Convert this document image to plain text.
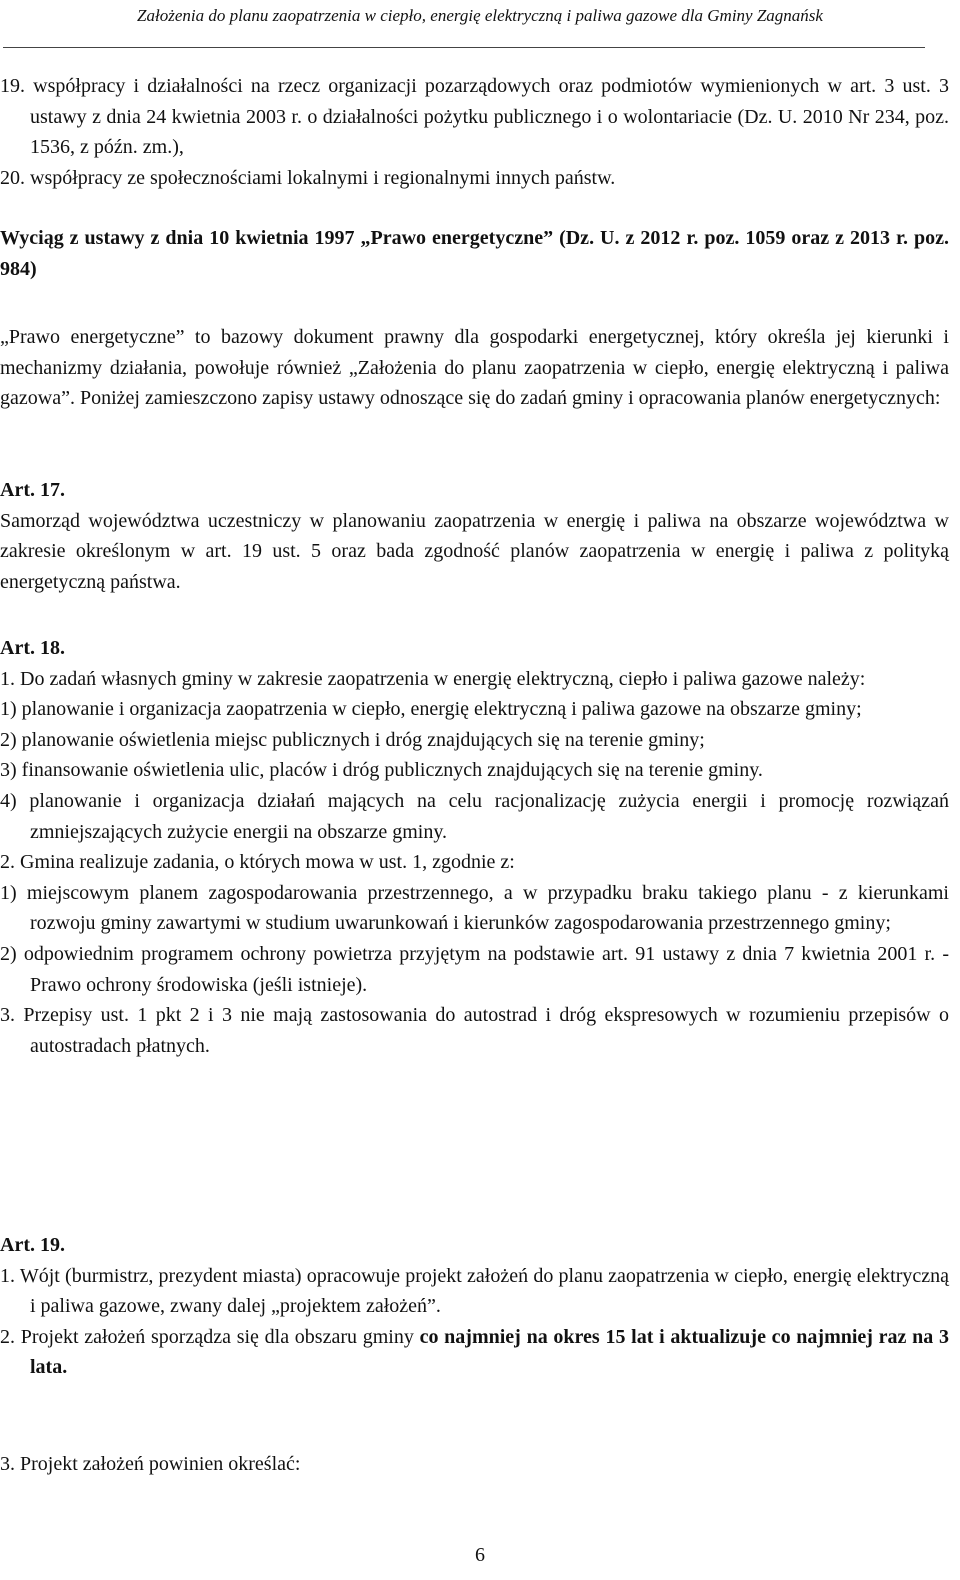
Założenia do planu zaopatrzenia w ciepło, energię elektryczną i paliwa gazowe dla Gminy Zagnańsk

19. współpracy i działalności na rzecz organizacji pozarządowych oraz podmiotów wymienionych w art. 3 ust. 3 ustawy z dnia 24 kwietnia 2003 r. o działalności pożytku publicznego i o wolontariacie (Dz. U. 2010 Nr 234, poz. 1536, z późn. zm.),

20. współpracy ze społecznościami lokalnymi i regionalnymi innych państw.

Wyciąg z ustawy z dnia 10 kwietnia 1997 „Prawo energetyczne” (Dz. U. z 2012 r. poz. 1059 oraz z 2013 r. poz. 984)
„Prawo energetyczne” to bazowy dokument prawny dla gospodarki energetycznej, który określa jej kierunki i mechanizmy działania, powołuje również „Założenia do planu zaopatrzenia w ciepło, energię elektryczną i paliwa gazowa”. Poniżej zamieszczono zapisy ustawy odnoszące się do zadań gminy i opracowania planów energetycznych:

Art. 17.

Samorząd województwa uczestniczy w planowaniu zaopatrzenia w energię i paliwa na obszarze województwa w zakresie określonym w art. 19 ust. 5 oraz bada zgodność planów zaopatrzenia w energię i paliwa z polityką energetyczną państwa.

Art. 18.

1. Do zadań własnych gminy w zakresie zaopatrzenia w energię elektryczną, ciepło i paliwa gazowe należy:

1) planowanie i organizacja zaopatrzenia w ciepło, energię elektryczną i paliwa gazowe na obszarze gminy;

2) planowanie oświetlenia miejsc publicznych i dróg znajdujących się na terenie gminy;

3) finansowanie oświetlenia ulic, placów i dróg publicznych znajdujących się na terenie gminy.

4) planowanie i organizacja działań mających na celu racjonalizację zużycia energii i promocję rozwiązań zmniejszających zużycie energii na obszarze gminy.

2. Gmina realizuje zadania, o których mowa w ust. 1, zgodnie z:

1) miejscowym planem zagospodarowania przestrzennego, a w przypadku braku takiego planu - z kierunkami rozwoju gminy zawartymi w studium uwarunkowań i kierunków zagospodarowania przestrzennego gminy;

2) odpowiednim programem ochrony powietrza przyjętym na podstawie art. 91 ustawy z dnia 7 kwietnia 2001 r. - Prawo ochrony środowiska (jeśli istnieje).

3. Przepisy ust. 1 pkt 2 i 3 nie mają zastosowania do autostrad i dróg ekspresowych w rozumieniu przepisów o autostradach płatnych.

Art. 19.

1. Wójt (burmistrz, prezydent miasta) opracowuje projekt założeń do planu zaopatrzenia w ciepło, energię elektryczną i paliwa gazowe, zwany dalej „projektem założeń”.

2. Projekt założeń sporządza się dla obszaru gminy co najmniej na okres 15 lat i aktualizuje co najmniej raz na 3 lata.

3. Projekt założeń powinien określać:
6
